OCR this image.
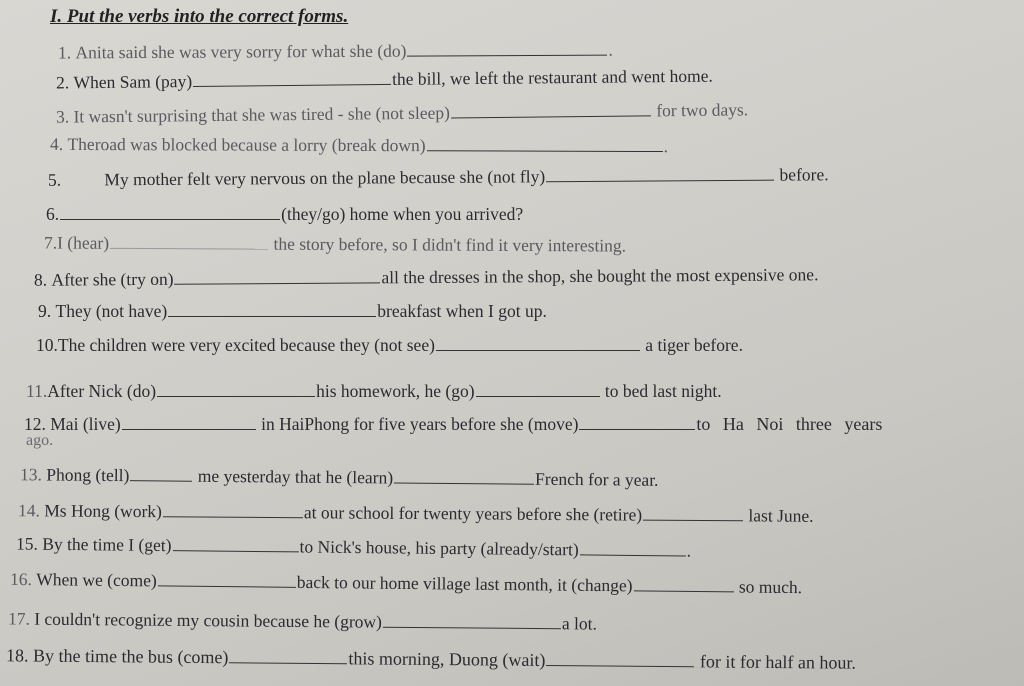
I. Put the verbs into the correct forms.
1. Anita said she was very sorry for what she (do)	.
2. When Sam (pay)	the bill, we left the restaurant and went home.
3. It wasn't surprising that she was tired - she (not sleep)	for two days.
4. Theroad was blocked because a lorry (break down)	.
5. My mother felt very nervous on the plane because she (not fly)	before.
6.	(they/go) home when you arrived?
7.I (hear)	the story before, so I didn't find it very interesting.
8. After she (try on)	all the dresses in the shop, she bought the most expensive one.
9. They (not have)	breakfast when I got up.
10.The children were very excited because they (not see)	a tiger before.
11.After Nick (do)	his homework, he (go)	to bed last night.
12. Mai (live)	in HaiPhong for five years before she (move)	to Ha Noi three years
ago.
13. Phong (tell)	me yesterday that he (learn)	French for a year.
14. Ms Hong (work)	at our school for twenty years before she (retire)	last June.
15. By the time I (get)	to Nick's house, his party (already/start)	.
16. When we (come)	back to our home village last month, it (change)	so much.
17. I couldn't recognize my cousin because he (grow)	a lot.
18. By the time the bus (come)	this morning, Duong (wait)	for it for half an hour.
